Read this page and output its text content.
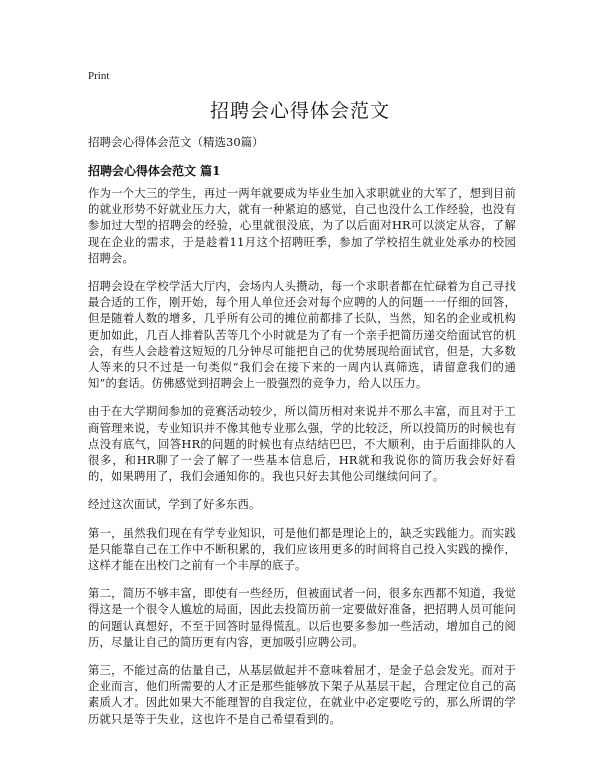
Print
招聘会心得体会范文
招聘会心得体会范文（精选30篇）
招聘会心得体会范文 篇1

作为一个大三的学生，再过一两年就要成为毕业生加入求职就业的大军了，想到目前的就业形势不好就业压力大，就有一种紧迫的感觉，自己也没什么工作经验，也没有参加过大型的招聘会的经验，心里就很没底，为了以后面对HR可以淡定从容，了解现在企业的需求，于是趁着11月这个招聘旺季，参加了学校招生就业处承办的校园招聘会。

招聘会设在学校学活大厅内，会场内人头攒动，每一个求职者都在忙碌着为自己寻找最合适的工作，刚开始，每个用人单位还会对每个应聘的人的问题一一仔细的回答，但是随着人数的增多，几乎所有公司的摊位前都排了长队，当然，知名的企业或机构更加如此，几百人排着队苦等几个小时就是为了有一个亲手把简历递交给面试官的机会，有些人会趁着这短短的几分钟尽可能把自己的优势展现给面试官，但是，大多数人等来的只不过是一句类似“我们会在接下来的一周内认真筛选，请留意我们的通知”的套话。仿佛感觉到招聘会上一股强烈的竞争力，给人以压力。

由于在大学期间参加的竞赛活动较少，所以简历相对来说并不那么丰富，而且对于工商管理来说，专业知识并不像其他专业那么强，学的比较泛，所以投简历的时候也有点没有底气，回答HR的问题的时候也有点结结巴巴，不大顺利，由于后面排队的人很多，和HR聊了一会了解了一些基本信息后，HR就和我说你的简历我会好好看的，如果聘用了，我们会通知你的。我也只好去其他公司继续问问了。

经过这次面试，学到了好多东西。

第一，虽然我们现在有学专业知识，可是他们都是理论上的，缺乏实践能力。而实践是只能靠自己在工作中不断积累的，我们应该用更多的时间将自己投入实践的操作，这样才能在出校门之前有一个丰厚的底子。

第二，简历不够丰富，即使有一些经历，但被面试者一问，很多东西都不知道，我觉得这是一个很令人尴尬的局面，因此去投简历前一定要做好准备，把招聘人员可能问的问题认真想好，不至于回答时显得慌乱。以后也要多参加一些活动，增加自己的阅历，尽量让自己的简历更有内容，更加吸引应聘公司。

第三，不能过高的估量自己，从基层做起并不意味着屈才，是金子总会发光。而对于企业而言，他们所需要的人才正是那些能够放下架子从基层干起，合理定位自己的高素质人才。因此如果大不能理智的自我定位，在就业中必定要吃亏的，那么所谓的学历就只是等于失业，这也许不是自己希望看到的。
